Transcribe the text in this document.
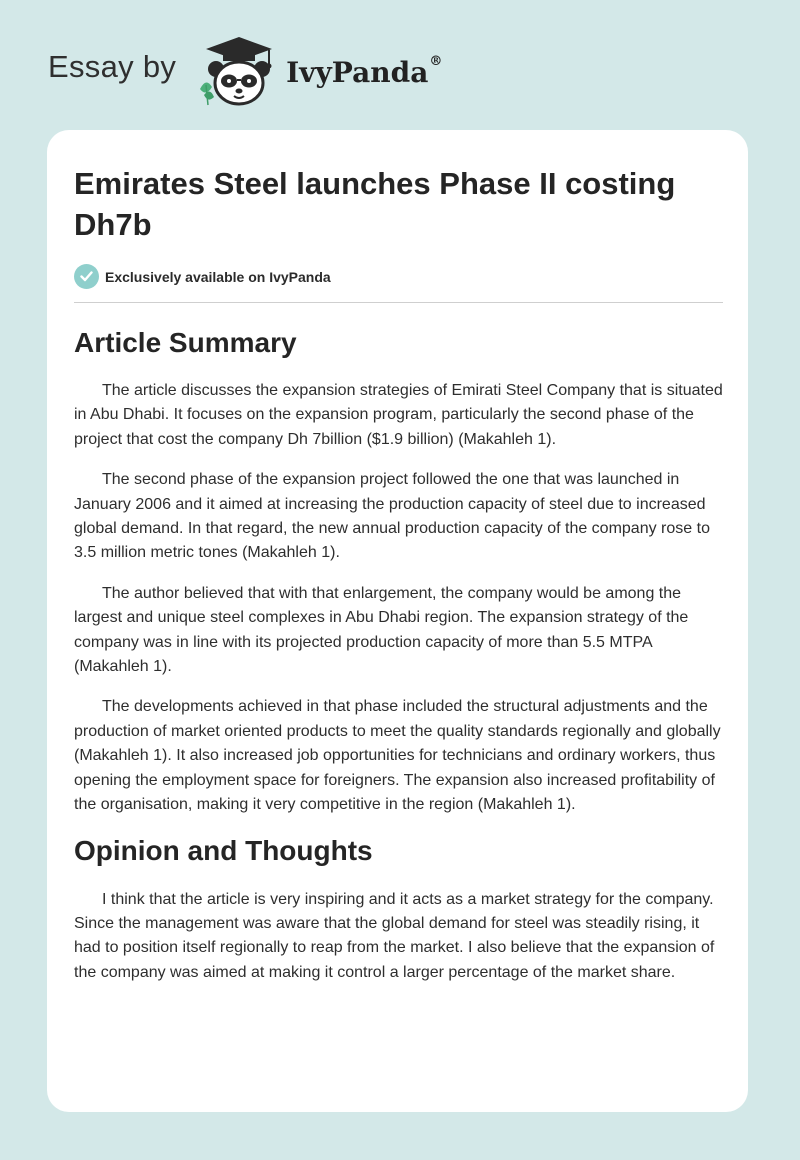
Essay by	IvyPanda®
Emirates Steel launches Phase II costing Dh7b
Exclusively available on IvyPanda
Article Summary

The article discusses the expansion strategies of Emirati Steel Company that is situated in Abu Dhabi. It focuses on the expansion program, particularly the second phase of the project that cost the company Dh 7billion ($1.9 billion) (Makahleh 1).

The second phase of the expansion project followed the one that was launched in January 2006 and it aimed at increasing the production capacity of steel due to increased global demand. In that regard, the new annual production capacity of the company rose to 3.5 million metric tones (Makahleh 1).

The author believed that with that enlargement, the company would be among the largest and unique steel complexes in Abu Dhabi region. The expansion strategy of the company was in line with its projected production capacity of more than 5.5 MTPA (Makahleh 1).

The developments achieved in that phase included the structural adjustments and the production of market oriented products to meet the quality standards regionally and globally (Makahleh 1). It also increased job opportunities for technicians and ordinary workers, thus opening the employment space for foreigners. The expansion also increased profitability of the organisation, making it very competitive in the region (Makahleh 1).

Opinion and Thoughts

I think that the article is very inspiring and it acts as a market strategy for the company. Since the management was aware that the global demand for steel was steadily rising, it had to position itself regionally to reap from the market. I also believe that the expansion of the company was aimed at making it control a larger percentage of the market share.
